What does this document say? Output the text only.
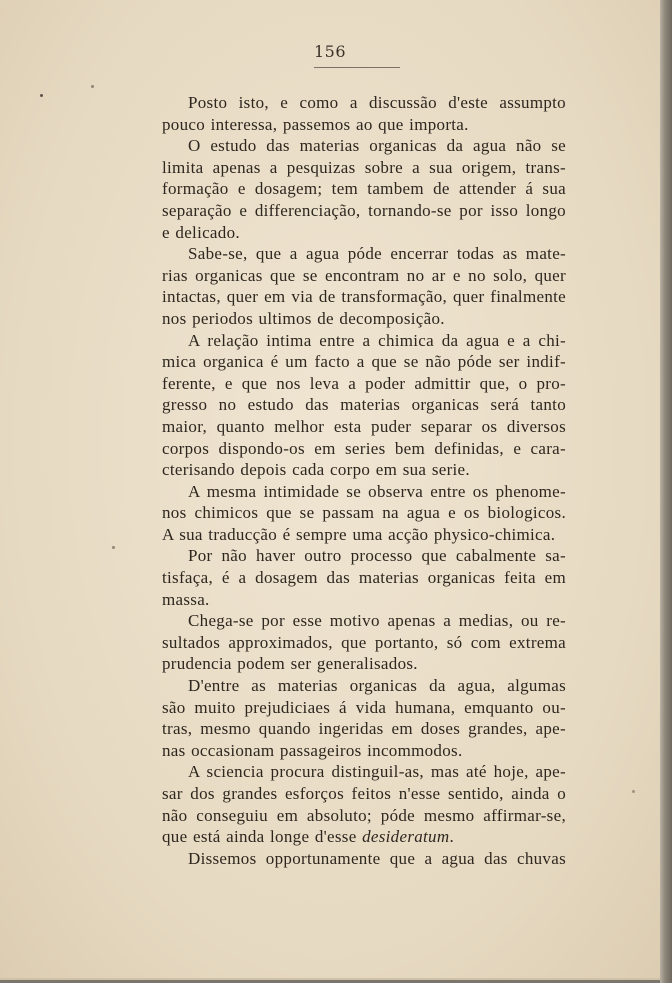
156
Posto isto, e como a discussão d'este assumpto
pouco interessa, passemos ao que importa.
O estudo das materias organicas da agua não se
limita apenas a pesquizas sobre a sua origem, trans-
formação e dosagem; tem tambem de attender á sua
separação e differenciação, tornando-se por isso longo
e delicado.
Sabe-se, que a agua póde encerrar todas as mate-
rias organicas que se encontram no ar e no solo, quer
intactas, quer em via de transformação, quer finalmente
nos periodos ultimos de decomposição.
A relação intima entre a chimica da agua e a chi-
mica organica é um facto a que se não póde ser indif-
ferente, e que nos leva a poder admittir que, o pro-
gresso no estudo das materias organicas será tanto
maior, quanto melhor esta puder separar os diversos
corpos dispondo-os em series bem definidas, e cara-
cterisando depois cada corpo em sua serie.
A mesma intimidade se observa entre os phenome-
nos chimicos que se passam na agua e os biologicos.
A sua traducção é sempre uma acção physico-chimica.
Por não haver outro processo que cabalmente sa-
tisfaça, é a dosagem das materias organicas feita em
massa.
Chega-se por esse motivo apenas a medias, ou re-
sultados approximados, que portanto, só com extrema
prudencia podem ser generalisados.
D'entre as materias organicas da agua, algumas
são muito prejudiciaes á vida humana, emquanto ou-
tras, mesmo quando ingeridas em doses grandes, ape-
nas occasionam passageiros incommodos.
A sciencia procura distinguil-as, mas até hoje, ape-
sar dos grandes esforços feitos n'esse sentido, ainda o
não conseguiu em absoluto; póde mesmo affirmar-se,
que está ainda longe d'esse desideratum.
Dissemos opportunamente que a agua das chuvas
